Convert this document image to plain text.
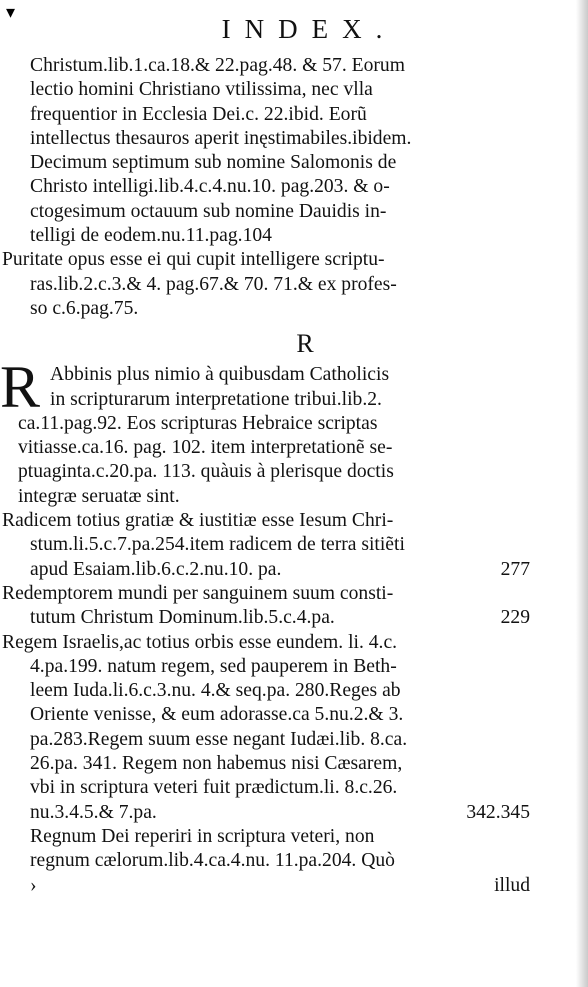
▾
INDEX.
Christum.lib.1.ca.18.& 22.pag.48. & 57. Eorum
lectio homini Christiano vtilissima, nec vlla
frequentior in Ecclesia Dei.c. 22.ibid. Eorũ
intellectus thesauros aperit inęstimabiles.ibidem.
Decimum septimum sub nomine Salomonis de
Christo intelligi.lib.4.c.4.nu.10. pag.203. & o-
ctogesimum octauum sub nomine Dauidis in-
telligi de eodem.nu.11.pag.104
Puritate opus esse ei qui cupit intelligere scriptu-
ras.lib.2.c.3.& 4. pag.67.& 70. 71.& ex profes-
so c.6.pag.75.
R
R Abbinis plus nimio à quibusdam Catholicis
in scripturarum interpretatione tribui.lib.2.
ca.11.pag.92. Eos scripturas Hebraice scriptas
vitiasse.ca.16. pag. 102. item interpretationẽ se-
ptuaginta.c.20.pa. 113. quàuis à plerisque doctis
integræ seruatæ sint.
Radicem totius gratiæ & iustitiæ esse Iesum Chri-
stum.li.5.c.7.pa.254.item radicem de terra sitiẽti
apud Esaiam.lib.6.c.2.nu.10. pa.	277
Redemptorem mundi per sanguinem suum consti-
tutum Christum Dominum.lib.5.c.4.pa.	229
Regem Israelis,ac totius orbis esse eundem. li. 4.c.
4.pa.199. natum regem, sed pauperem in Beth-
leem Iuda.li.6.c.3.nu. 4.& seq.pa. 280.Reges ab
Oriente venisse, & eum adorasse.ca 5.nu.2.& 3.
pa.283.Regem suum esse negant Iudæi.lib. 8.ca.
26.pa. 341. Regem non habemus nisi Cæsarem,
vbi in scriptura veteri fuit prædictum.li. 8.c.26.
nu.3.4.5.& 7.pa.	342.345
Regnum Dei reperiri in scriptura veteri, non
regnum cælorum.lib.4.ca.4.nu. 11.pa.204. Quò
›	illud
